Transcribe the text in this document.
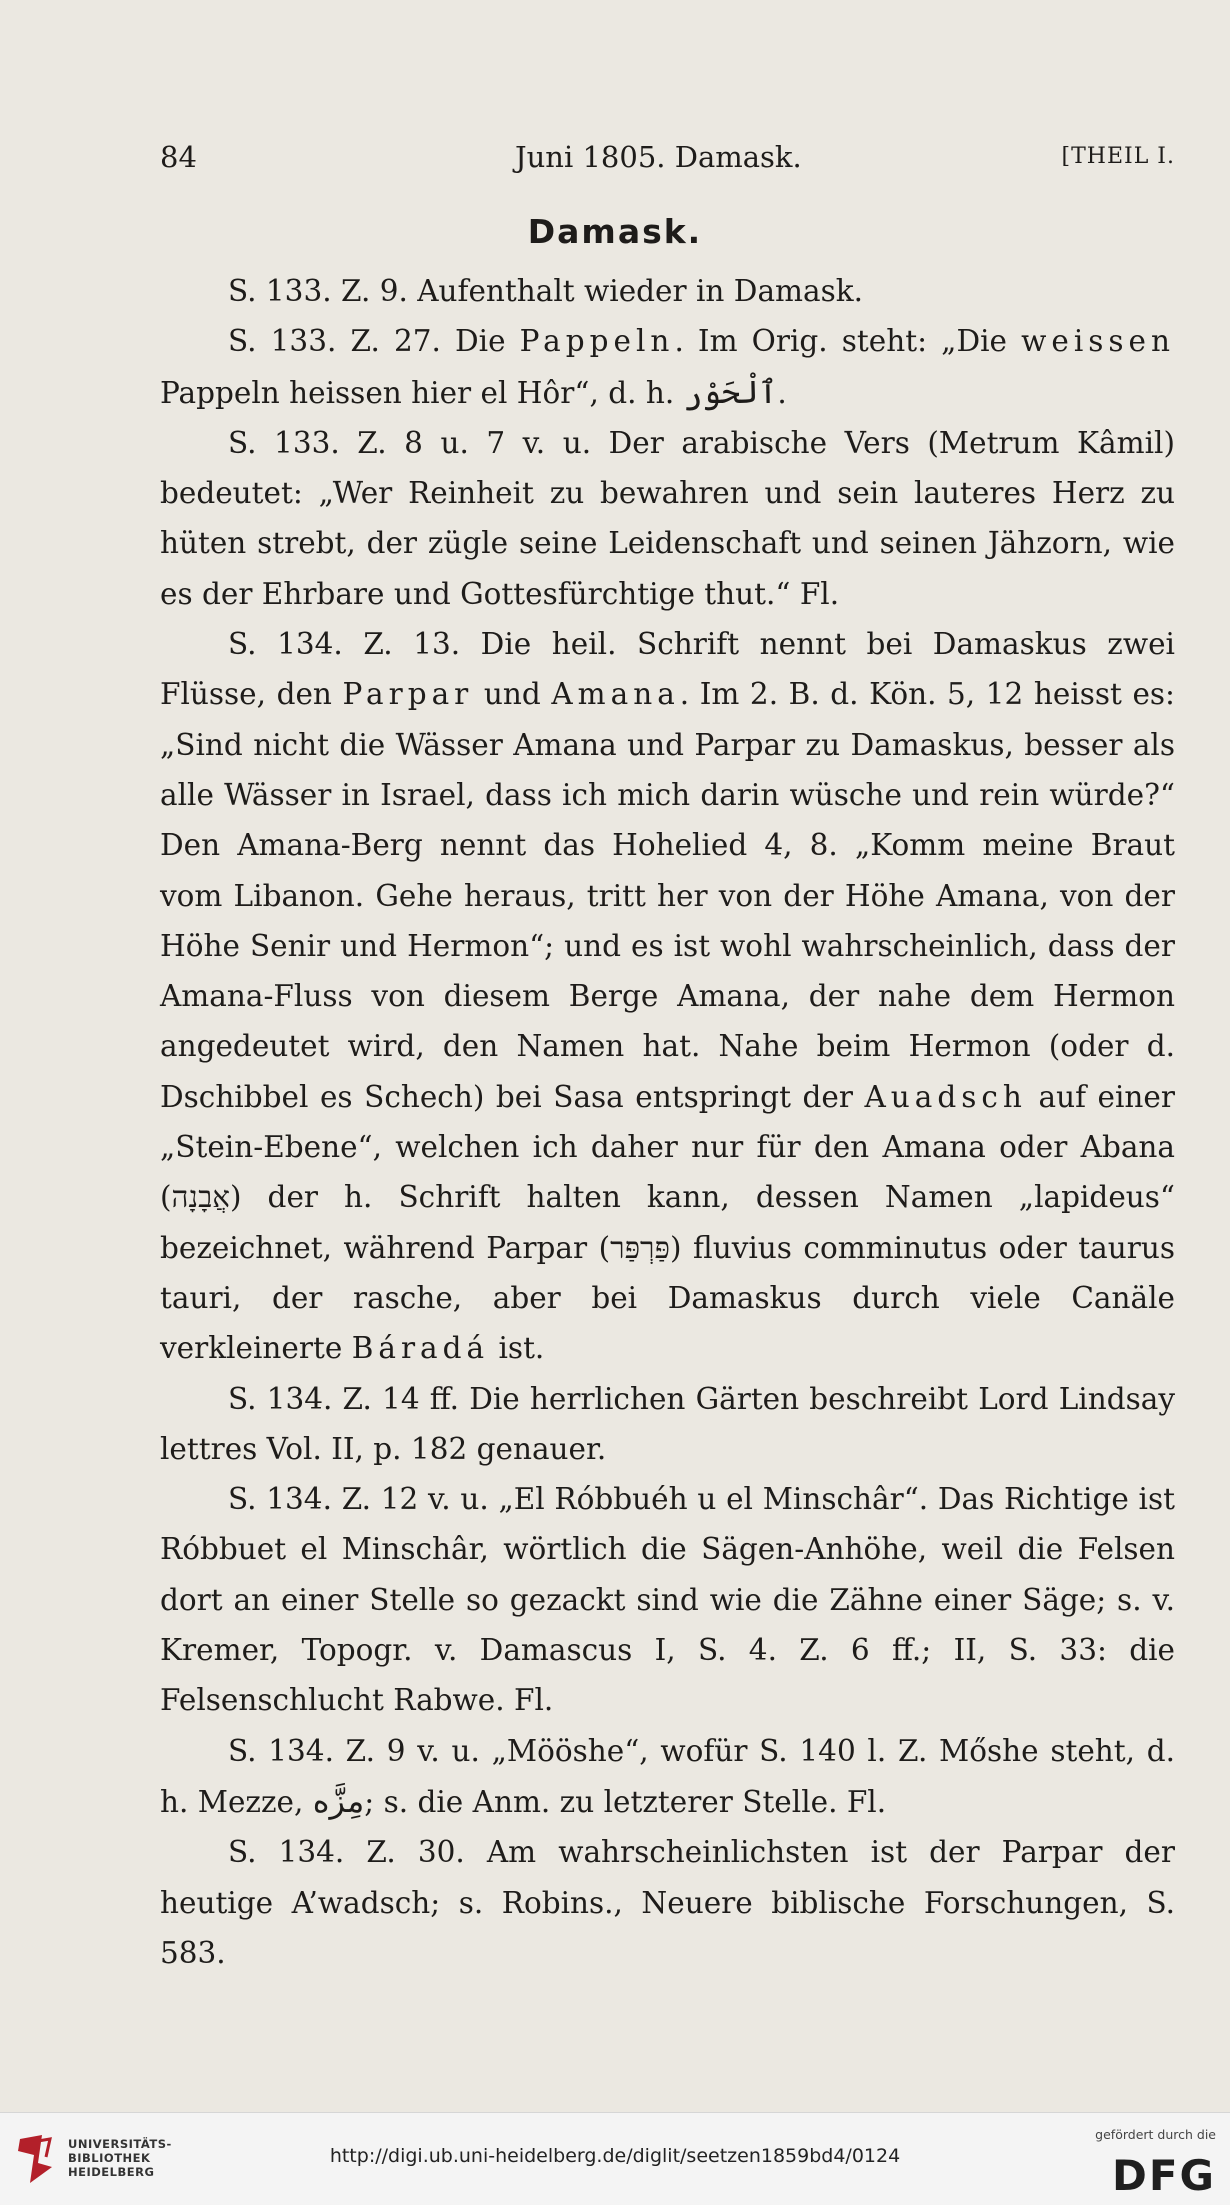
84	Juni 1805. Damask.	[THEIL I.
Damask.

S. 133. Z. 9. Aufenthalt wieder in Damask.

S. 133. Z. 27. Die Pappeln. Im Orig. steht: „Die weissen Pappeln heissen hier el Hôr“, d. h. ٱلْحَوْر.

S. 133. Z. 8 u. 7 v. u. Der arabische Vers (Metrum Kâmil) bedeutet: „Wer Reinheit zu bewahren und sein lauteres Herz zu hüten strebt, der zügle seine Leidenschaft und seinen Jähzorn, wie es der Ehrbare und Gottesfürchtige thut.“ Fl.

S. 134. Z. 13. Die heil. Schrift nennt bei Damaskus zwei Flüsse, den Parpar und Amana. Im 2. B. d. Kön. 5, 12 heisst es: „Sind nicht die Wässer Amana und Parpar zu Damaskus, besser als alle Wässer in Israel, dass ich mich darin wüsche und rein würde?“ Den Amana-Berg nennt das Hohelied 4, 8. „Komm meine Braut vom Libanon. Gehe heraus, tritt her von der Höhe Amana, von der Höhe Senir und Hermon“; und es ist wohl wahrscheinlich, dass der Amana-Fluss von diesem Berge Amana, der nahe dem Hermon angedeutet wird, den Namen hat. Nahe beim Hermon (oder d. Dschibbel es Schech) bei Sasa entspringt der Auadsch auf einer „Stein-Ebene“, welchen ich daher nur für den Amana oder Abana (אֲבָנָה) der h. Schrift halten kann, dessen Namen „lapideus“ bezeichnet, während Parpar (פַּרְפַּר) fluvius comminutus oder taurus tauri, der rasche, aber bei Damaskus durch viele Canäle verkleinerte Báradá ist.

S. 134. Z. 14 ff. Die herrlichen Gärten beschreibt Lord Lindsay lettres Vol. II, p. 182 genauer.

S. 134. Z. 12 v. u. „El Róbbuéh u el Minschâr“. Das Richtige ist Róbbuet el Minschâr, wörtlich die Sägen-Anhöhe, weil die Felsen dort an einer Stelle so gezackt sind wie die Zähne einer Säge; s. v. Kremer, Topogr. v. Damascus I, S. 4. Z. 6 ff.; II, S. 33: die Felsenschlucht Rabwe. Fl.

S. 134. Z. 9 v. u. „Mööshe“, wofür S. 140 l. Z. Mőshe steht, d. h. Mezze, مِزَّه; s. die Anm. zu letzterer Stelle. Fl.

S. 134. Z. 30. Am wahrscheinlichsten ist der Parpar der heutige A’wadsch; s. Robins., Neuere biblische Forschungen, S. 583.

UNIVERSITÄTS-
BIBLIOTHEK
HEIDELBERG
http://digi.ub.uni-heidelberg.de/diglit/seetzen1859bd4/0124
gefördert durch die
DFG
